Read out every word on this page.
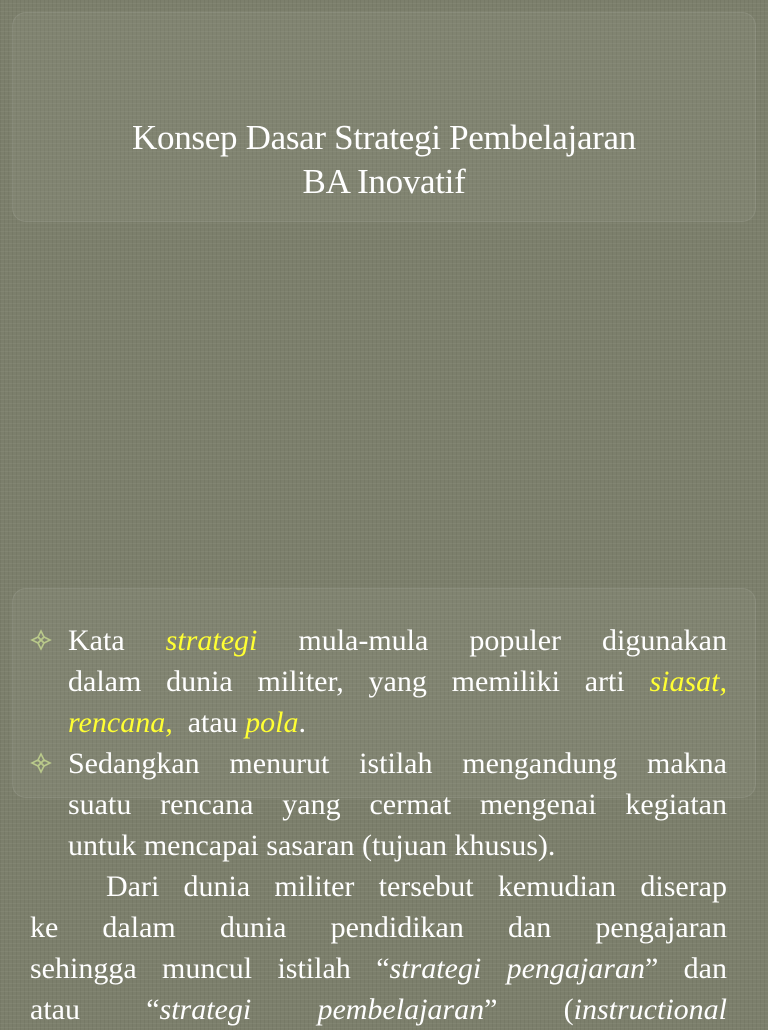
Konsep Dasar Strategi Pembelajaran
BA Inovatif
Kata strategi mula-mula populer digunakan
dalam dunia militer, yang memiliki arti siasat,
rencana, atau pola.
Sedangkan menurut istilah mengandung makna
suatu rencana yang cermat mengenai kegiatan
untuk mencapai sasaran (tujuan khusus).
Dari dunia militer tersebut kemudian diserap
ke dalam dunia pendidikan dan pengajaran
sehingga muncul istilah “strategi pengajaran” dan
atau “strategi pembelajaran” (instructional
